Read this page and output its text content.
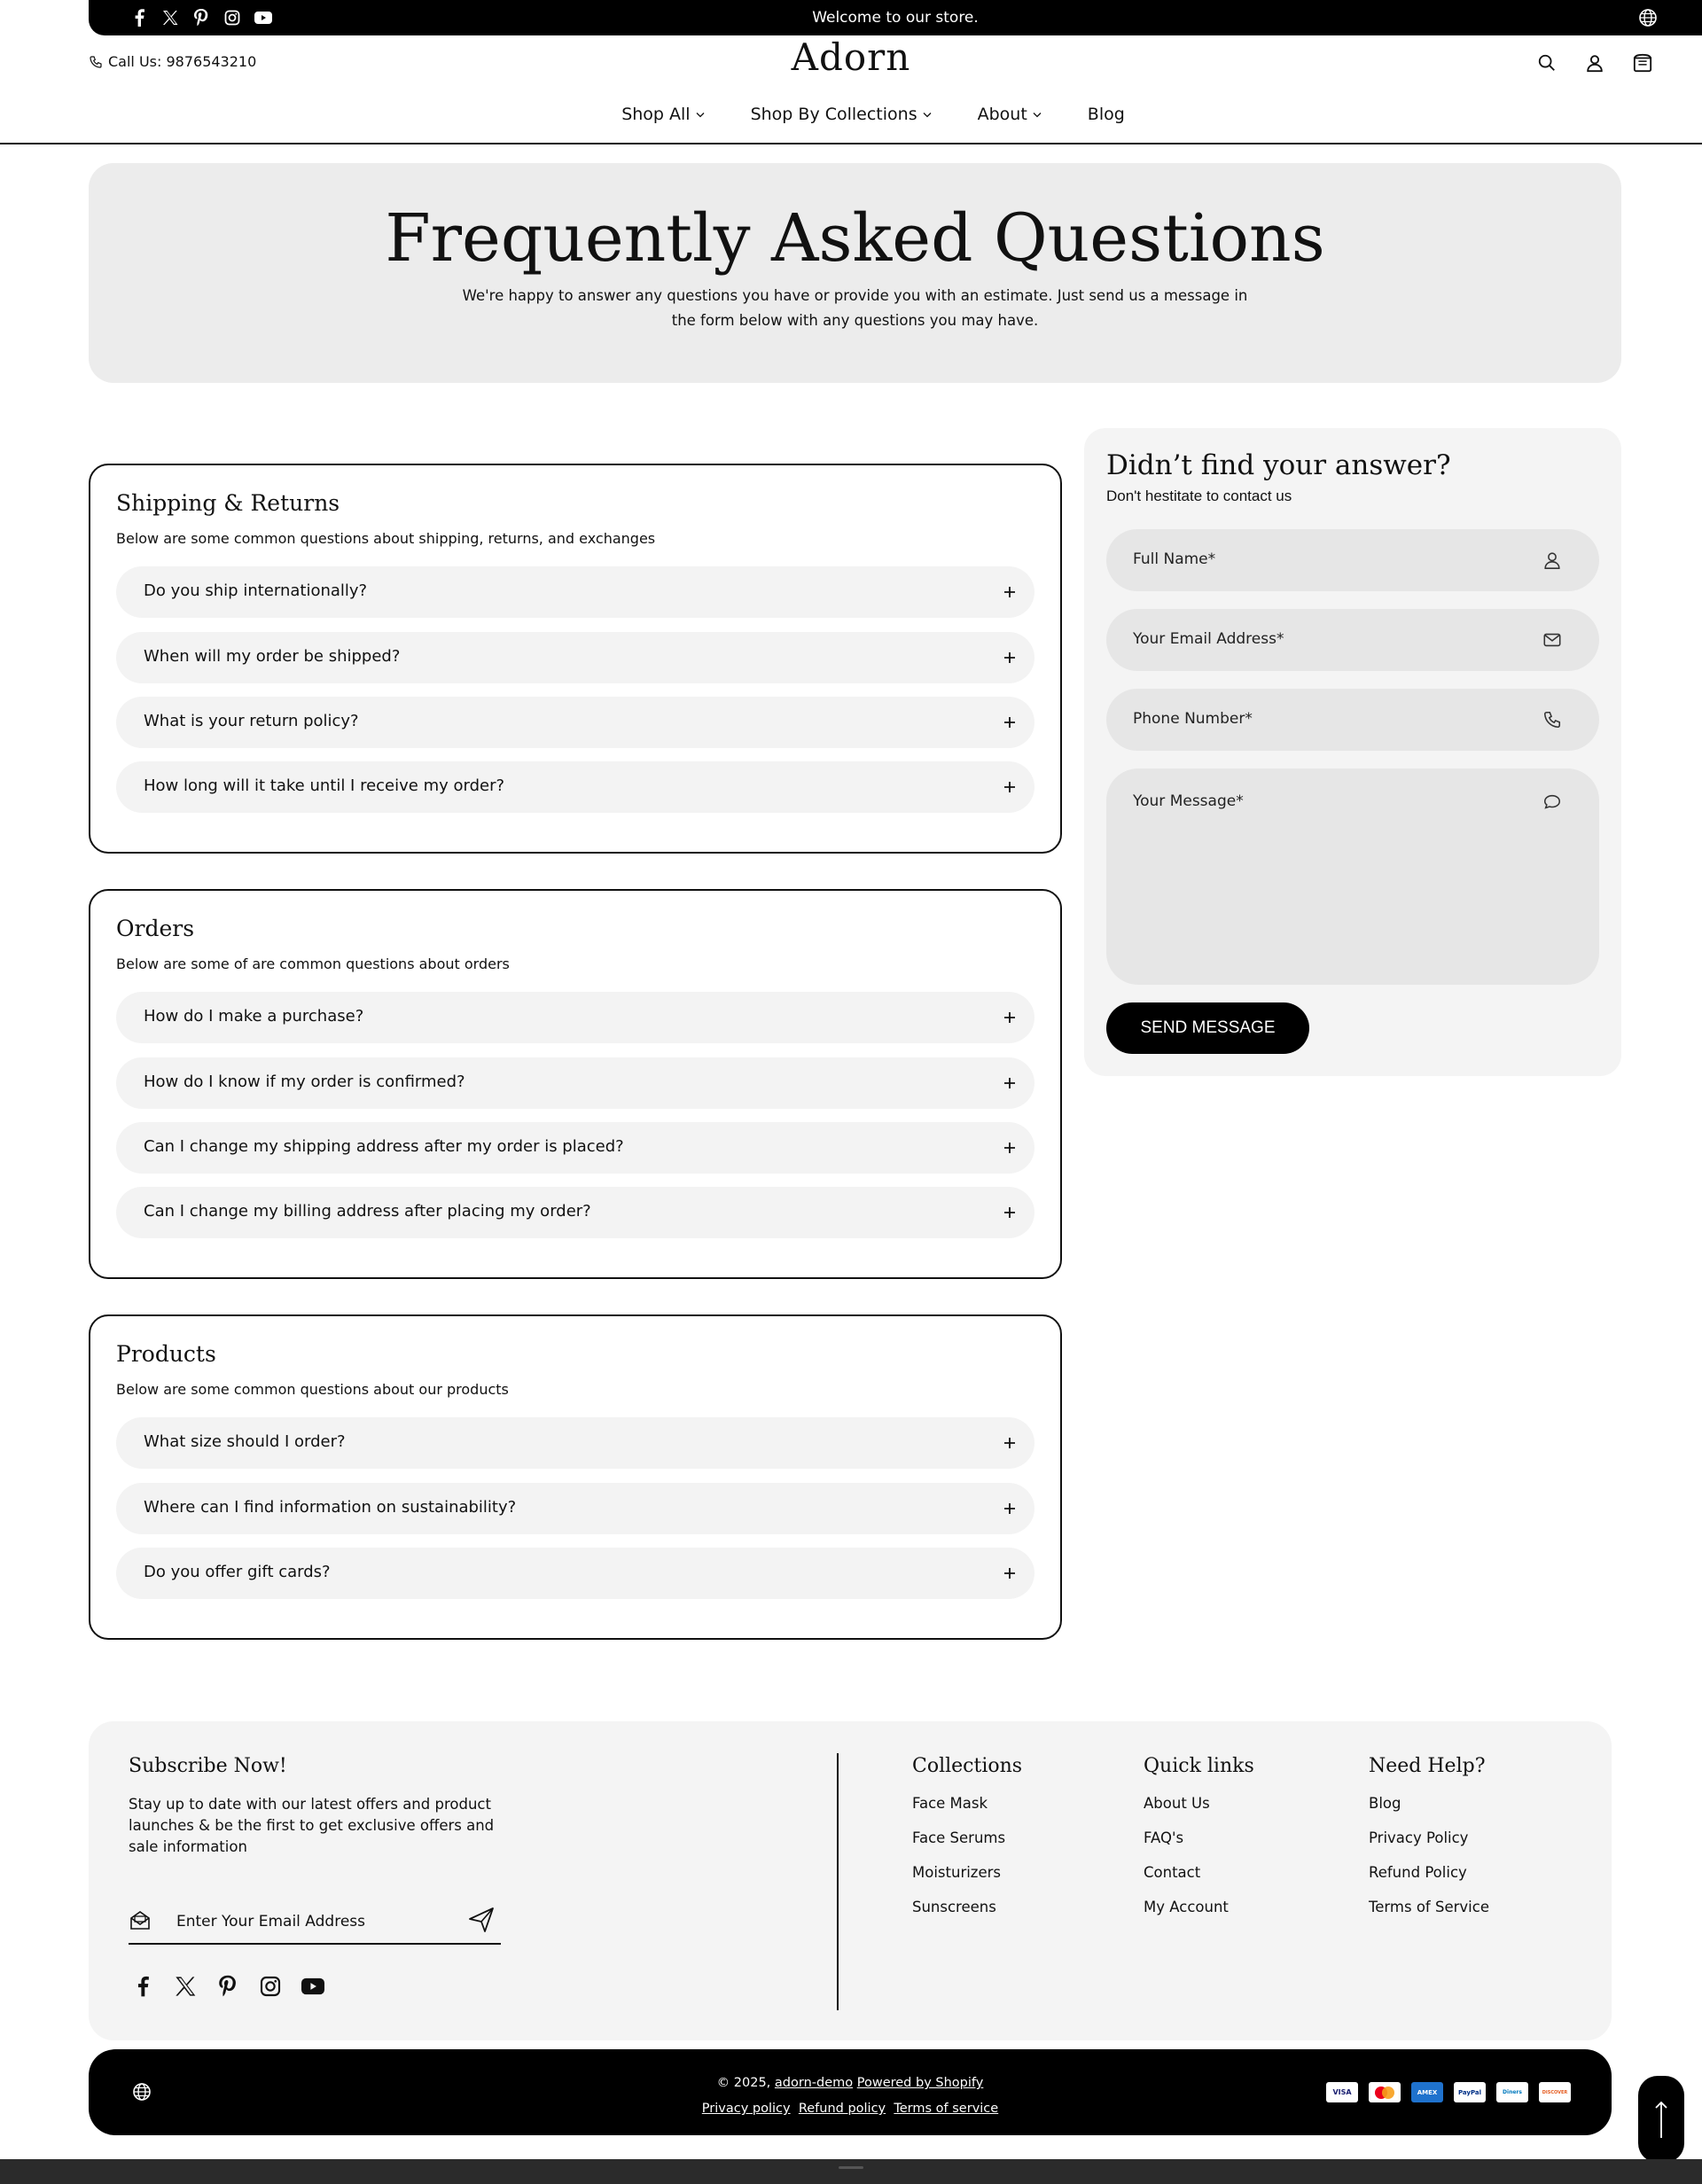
Welcome to our store.
Call Us: 9876543210	Adorn
Shop All	Shop By Collections	About	Blog
Frequently Asked Questions

We're happy to answer any questions you have or provide you with an estimate. Just send us a message in the form below with any questions you may have.

Shipping & Returns
Below are some common questions about shipping, returns, and exchanges
Do you ship internationally?
When will my order be shipped?
What is your return policy?
How long will it take until I receive my order?
Orders
Below are some of are common questions about orders
How do I make a purchase?
How do I know if my order is confirmed?
Can I change my shipping address after my order is placed?
Can I change my billing address after placing my order?
Products
Below are some common questions about our products
What size should I order?
Where can I find information on sustainability?
Do you offer gift cards?
Didn’t find your answer?
Don't hestitate to contact us
Full Name*
Your Email Address*
Phone Number*
Your Message*
SEND MESSAGE
Subscribe Now!
Stay up to date with our latest offers and product launches & be the first to get exclusive offers and sale information
Enter Your Email Address
Collections
Face Mask
Face Serums
Moisturizers
Sunscreens
Quick links
About Us
FAQ's
Contact
My Account
Need Help?
Blog
Privacy Policy
Refund Policy
Terms of Service
© 2025, adorn-demo Powered by Shopify
Privacy policy Refund policy Terms of service
VISA	AMEX	PayPal	Diners	DISCOVER
